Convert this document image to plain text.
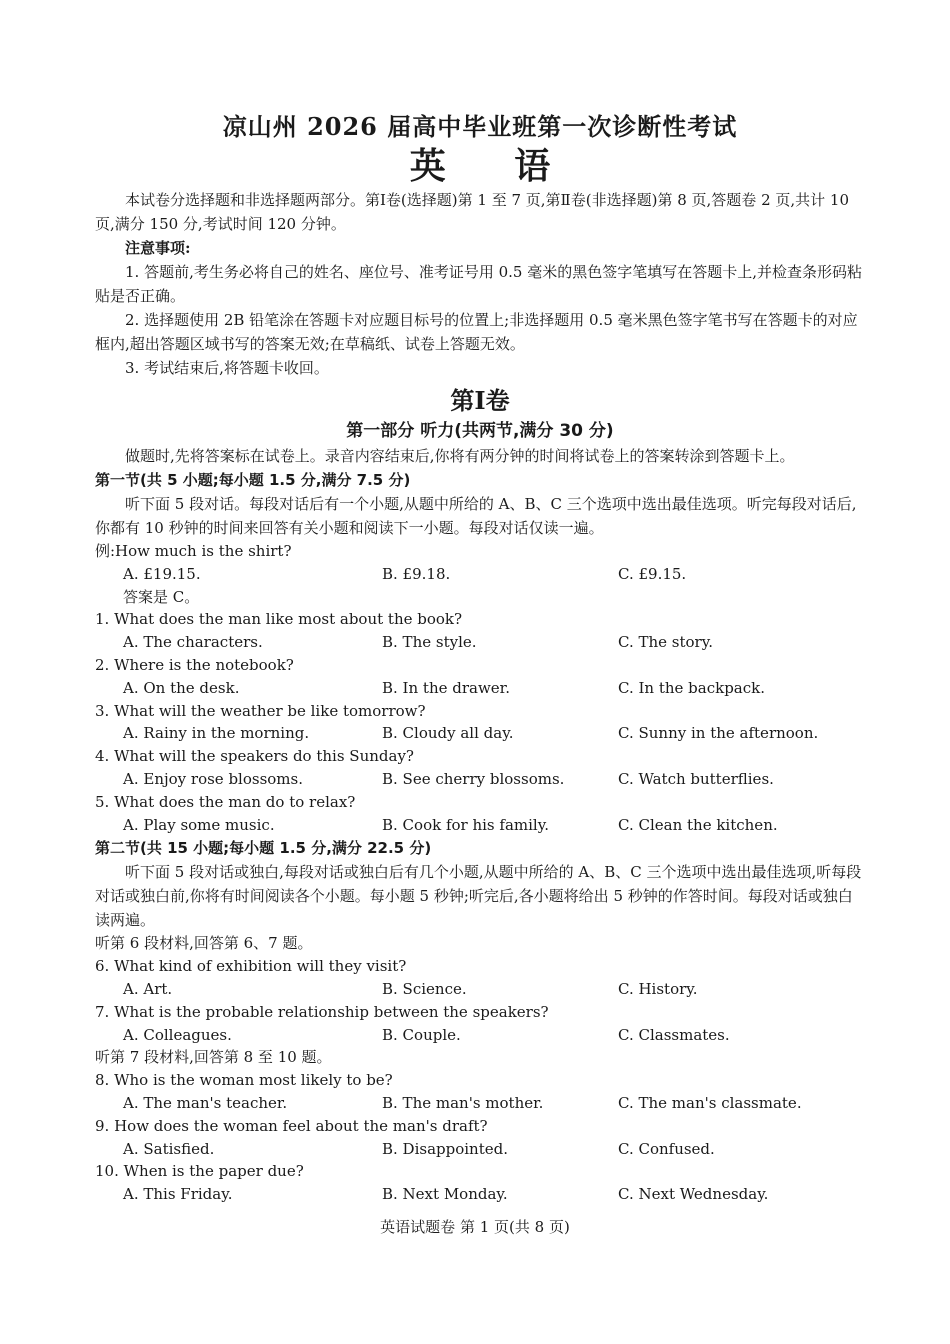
凉山州 2026 届高中毕业班第一次诊断性考试

英 语

本试卷分选择题和非选择题两部分。第Ⅰ卷(选择题)第 1 至 7 页,第Ⅱ卷(非选择题)第 8 页,答题卷 2 页,共计 10 页,满分 150 分,考试时间 120 分钟。

注意事项:

1. 答题前,考生务必将自己的姓名、座位号、准考证号用 0.5 毫米的黑色签字笔填写在答题卡上,并检查条形码粘贴是否正确。

2. 选择题使用 2B 铅笔涂在答题卡对应题目标号的位置上;非选择题用 0.5 毫米黑色签字笔书写在答题卡的对应框内,超出答题区域书写的答案无效;在草稿纸、试卷上答题无效。

3. 考试结束后,将答题卡收回。

第Ⅰ卷

第一部分 听力(共两节,满分 30 分)

做题时,先将答案标在试卷上。录音内容结束后,你将有两分钟的时间将试卷上的答案转涂到答题卡上。

第一节(共 5 小题;每小题 1.5 分,满分 7.5 分)

听下面 5 段对话。每段对话后有一个小题,从题中所给的 A、B、C 三个选项中选出最佳选项。听完每段对话后,你都有 10 秒钟的时间来回答有关小题和阅读下一小题。每段对话仅读一遍。

例:How much is the shirt?

A. £19.15.	B. £9.18.	C. £9.15.

答案是 C。

1. What does the man like most about the book?

A. The characters.	B. The style.	C. The story.

2. Where is the notebook?

A. On the desk.	B. In the drawer.	C. In the backpack.

3. What will the weather be like tomorrow?

A. Rainy in the morning.	B. Cloudy all day.	C. Sunny in the afternoon.

4. What will the speakers do this Sunday?

A. Enjoy rose blossoms.	B. See cherry blossoms.	C. Watch butterflies.

5. What does the man do to relax?

A. Play some music.	B. Cook for his family.	C. Clean the kitchen.

第二节(共 15 小题;每小题 1.5 分,满分 22.5 分)

听下面 5 段对话或独白,每段对话或独白后有几个小题,从题中所给的 A、B、C 三个选项中选出最佳选项,听每段对话或独白前,你将有时间阅读各个小题。每小题 5 秒钟;听完后,各小题将给出 5 秒钟的作答时间。每段对话或独白读两遍。

听第 6 段材料,回答第 6、7 题。

6. What kind of exhibition will they visit?

A. Art.	B. Science.	C. History.

7. What is the probable relationship between the speakers?

A. Colleagues.	B. Couple.	C. Classmates.

听第 7 段材料,回答第 8 至 10 题。

8. Who is the woman most likely to be?

A. The man's teacher.	B. The man's mother.	C. The man's classmate.

9. How does the woman feel about the man's draft?

A. Satisfied.	B. Disappointed.	C. Confused.

10. When is the paper due?

A. This Friday.	B. Next Monday.	C. Next Wednesday.
英语试题卷 第 1 页(共 8 页)
